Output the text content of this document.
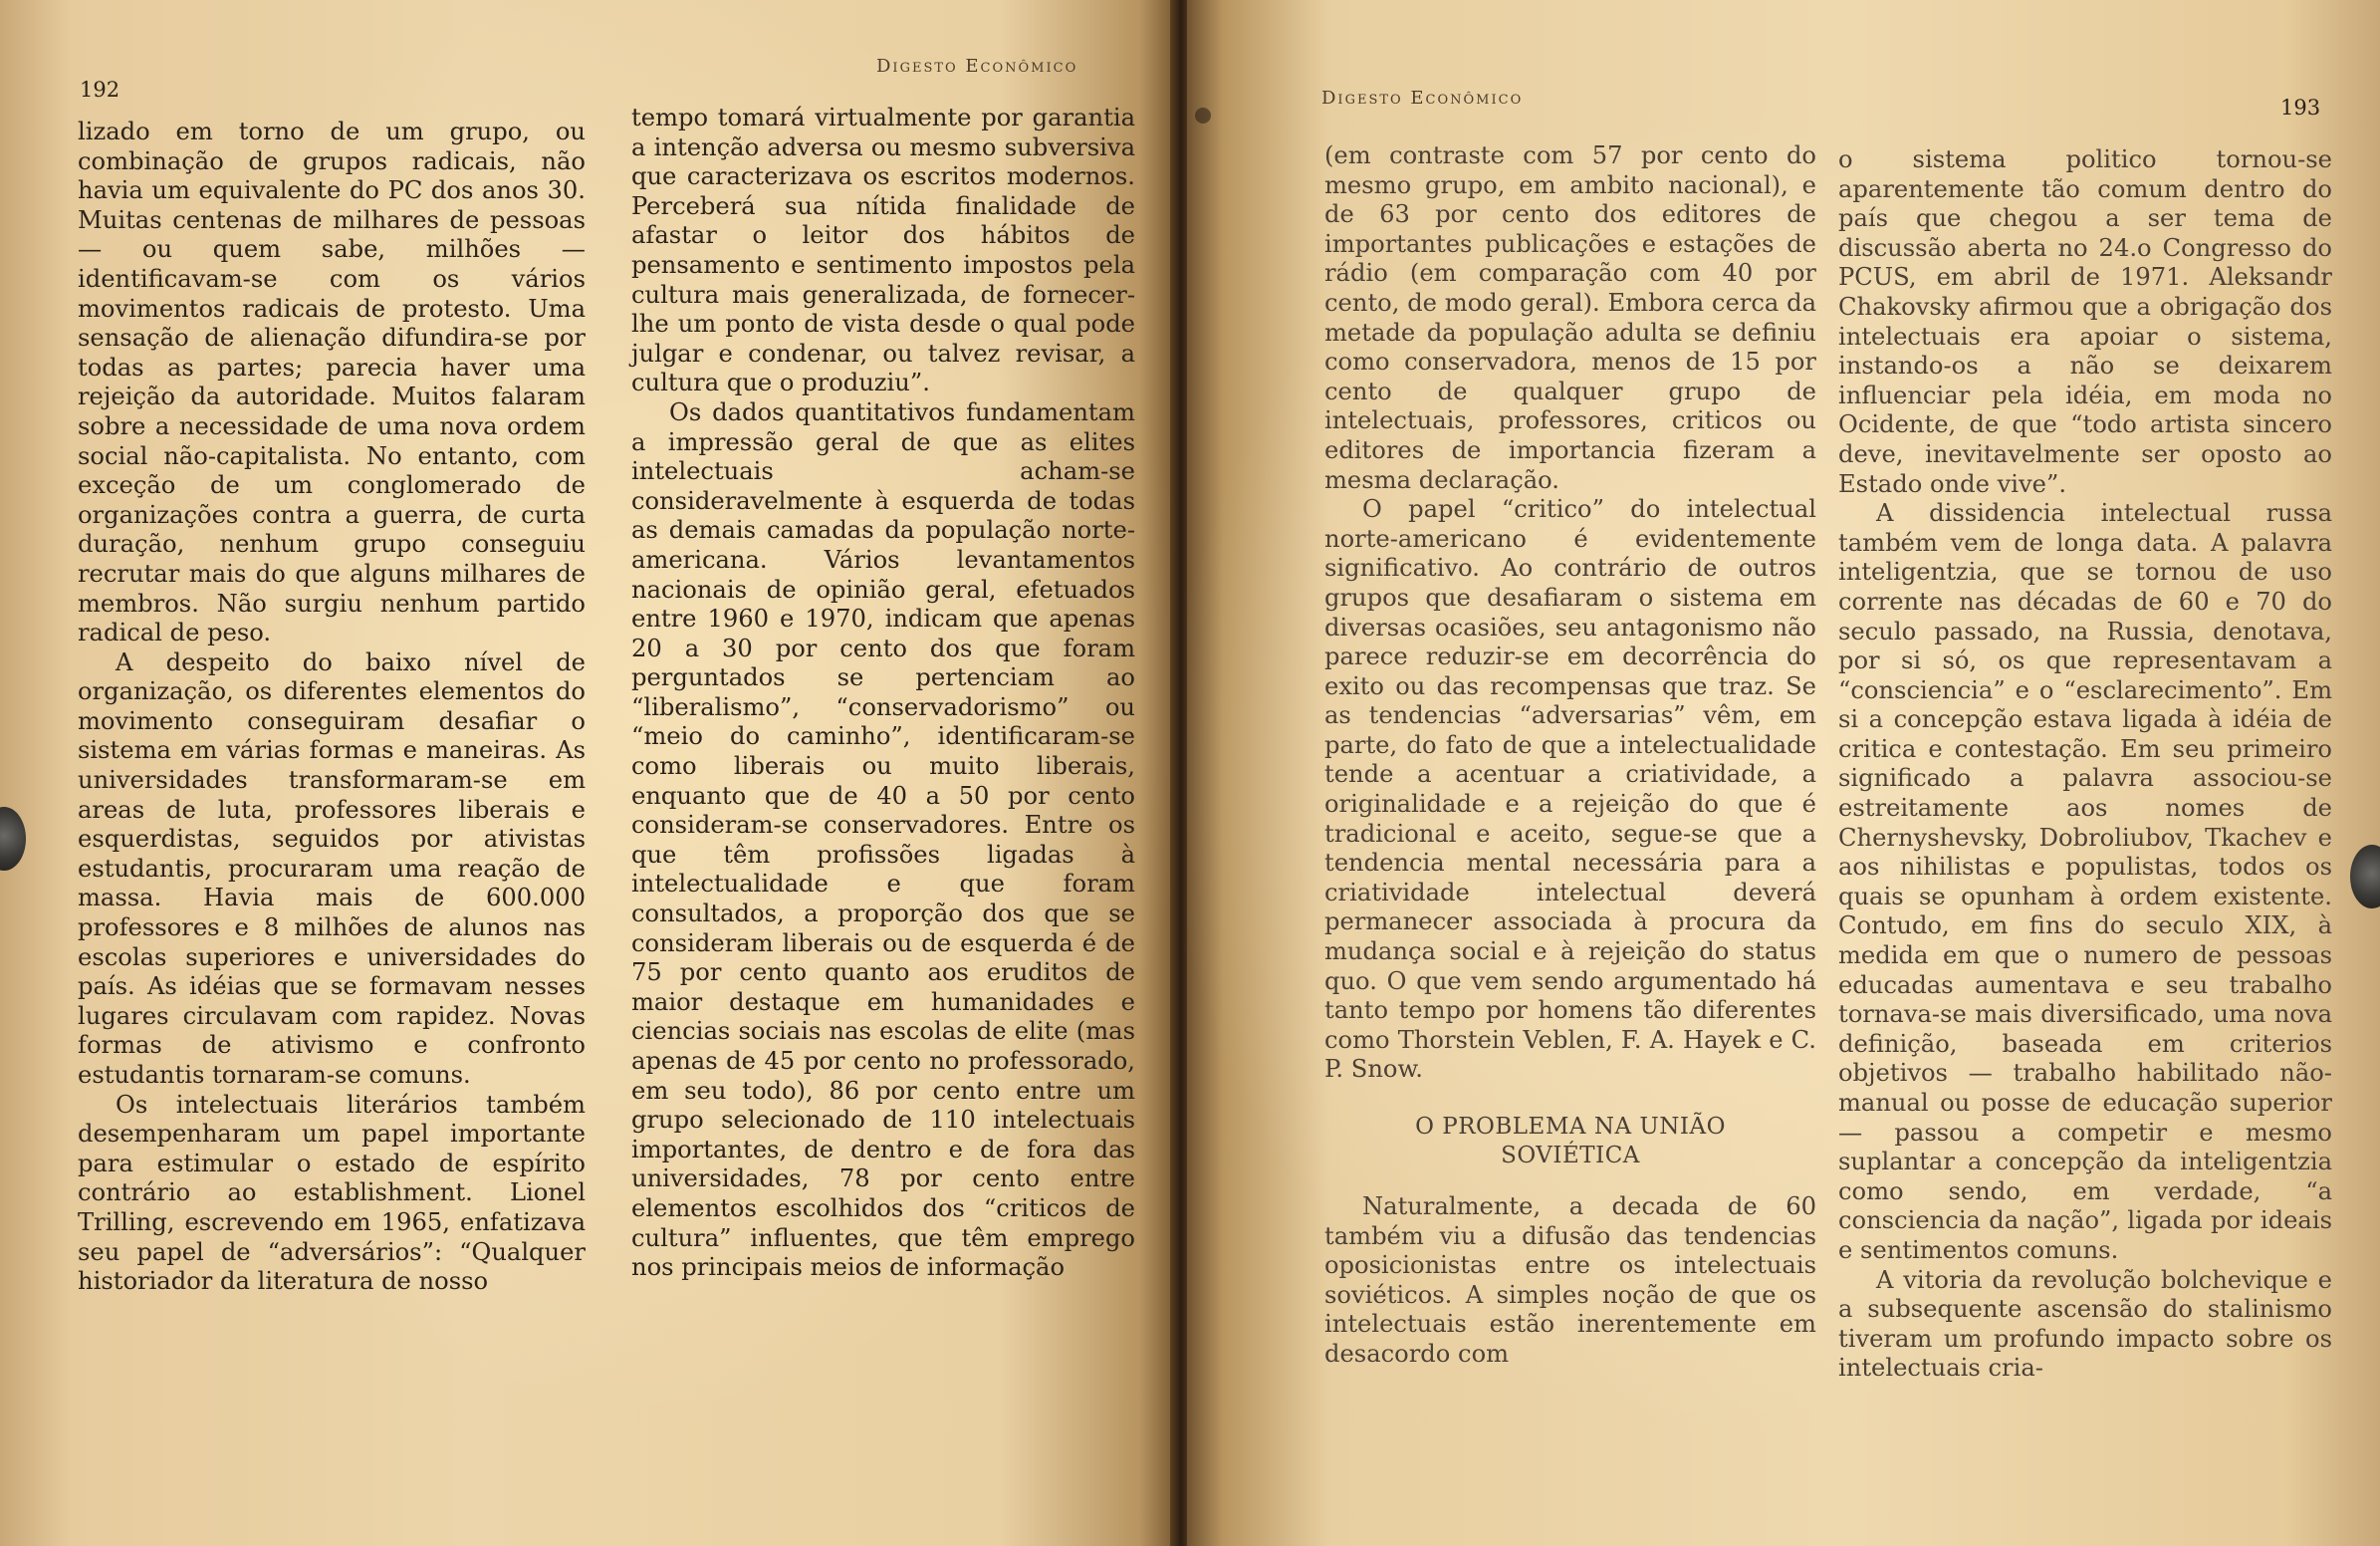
192
Digesto Econômico

lizado em torno de um grupo, ou combinação de grupos radicais, não havia um equivalente do PC dos anos 30. Muitas centenas de milhares de pessoas — ou quem sabe, milhões — identificavam-se com os vários movimentos radicais de protesto. Uma sensação de alienação difundira-se por todas as partes; parecia haver uma rejeição da autoridade. Muitos falaram sobre a necessidade de uma nova ordem social não-capitalista. No entanto, com exceção de um conglomerado de organizações contra a guerra, de curta duração, nenhum grupo conseguiu recrutar mais do que alguns milhares de membros. Não surgiu nenhum partido radical de peso.

A despeito do baixo nível de organização, os diferentes elementos do movimento conseguiram desafiar o sistema em várias formas e maneiras. As universidades transformaram-se em areas de luta, professores liberais e esquerdistas, seguidos por ativistas estudantis, procuraram uma reação de massa. Havia mais de 600.000 professores e 8 milhões de alunos nas escolas superiores e universidades do país. As idéias que se formavam nesses lugares circulavam com rapidez. Novas formas de ativismo e confronto estudantis tornaram-se comuns.

Os intelectuais literários também desempenharam um papel importante para estimular o estado de espírito contrário ao establishment. Lionel Trilling, escrevendo em 1965, enfatizava seu papel de “adversários”: “Qualquer historiador da literatura de nosso

tempo tomará virtualmente por garantia a intenção adversa ou mesmo subversiva que caracterizava os escritos modernos. Perceberá sua nítida finalidade de afastar o leitor dos hábitos de pensamento e sentimento impostos pela cultura mais generalizada, de fornecer-lhe um ponto de vista desde o qual pode julgar e condenar, ou talvez revisar, a cultura que o produziu”.

Os dados quantitativos fundamentam a impressão geral de que as elites intelectuais acham-se consideravelmente à esquerda de todas as demais camadas da população norte-americana. Vários levantamentos nacionais de opinião geral, efetuados entre 1960 e 1970, indicam que apenas 20 a 30 por cento dos que foram perguntados se pertenciam ao “liberalismo”, “conservadorismo” ou “meio do caminho”, identificaram-se como liberais ou muito liberais, enquanto que de 40 a 50 por cento consideram-se conservadores. Entre os que têm profissões ligadas à intelectualidade e que foram consultados, a proporção dos que se consideram liberais ou de esquerda é de 75 por cento quanto aos eruditos de maior destaque em humanidades e ciencias sociais nas escolas de elite (mas apenas de 45 por cento no professorado, em seu todo), 86 por cento entre um grupo selecionado de 110 intelectuais importantes, de dentro e de fora das universidades, 78 por cento entre elementos escolhidos dos “criticos de cultura” influentes, que têm emprego nos principais meios de informação

Digesto Econômico	193

(em contraste com 57 por cento do mesmo grupo, em ambito nacional), e de 63 por cento dos editores de importantes publicações e estações de rádio (em comparação com 40 por cento, de modo geral). Embora cerca da metade da população adulta se definiu como conservadora, menos de 15 por cento de qualquer grupo de intelectuais, professores, criticos ou editores de importancia fizeram a mesma declaração.

O papel “critico” do intelectual norte-americano é evidentemente significativo. Ao contrário de outros grupos que desafiaram o sistema em diversas ocasiões, seu antagonismo não parece reduzir-se em decorrência do exito ou das recompensas que traz. Se as tendencias “adversarias” vêm, em parte, do fato de que a intelectualidade tende a acentuar a criatividade, a originalidade e a rejeição do que é tradicional e aceito, segue-se que a tendencia mental necessária para a criatividade intelectual deverá permanecer associada à procura da mudança social e à rejeição do status quo. O que vem sendo argumentado há tanto tempo por homens tão diferentes como Thorstein Veblen, F. A. Hayek e C. P. Snow.

O PROBLEMA NA UNIÃO
SOVIÉTICA

Naturalmente, a decada de 60 também viu a difusão das tendencias oposicionistas entre os intelectuais soviéticos. A simples noção de que os intelectuais estão inerentemente em desacordo com

o sistema politico tornou-se aparentemente tão comum dentro do país que chegou a ser tema de discussão aberta no 24.o Congresso do PCUS, em abril de 1971. Aleksandr Chakovsky afirmou que a obrigação dos intelectuais era apoiar o sistema, instando-os a não se deixarem influenciar pela idéia, em moda no Ocidente, de que “todo artista sincero deve, inevitavelmente ser oposto ao Estado onde vive”.

A dissidencia intelectual russa também vem de longa data. A palavra inteligentzia, que se tornou de uso corrente nas décadas de 60 e 70 do seculo passado, na Russia, denotava, por si só, os que representavam a “consciencia” e o “esclarecimento”. Em si a concepção estava ligada à idéia de critica e contestação. Em seu primeiro significado a palavra associou-se estreitamente aos nomes de Chernyshevsky, Dobroliubov, Tkachev e aos nihilistas e populistas, todos os quais se opunham à ordem existente. Contudo, em fins do seculo XIX, à medida em que o numero de pessoas educadas aumentava e seu trabalho tornava-se mais diversificado, uma nova definição, baseada em criterios objetivos — trabalho habilitado não-manual ou posse de educação superior — passou a competir e mesmo suplantar a concepção da inteligentzia como sendo, em verdade, “a consciencia da nação”, ligada por ideais e sentimentos comuns.

A vitoria da revolução bolchevique e a subsequente ascensão do stalinismo tiveram um profundo impacto sobre os intelectuais cria-
